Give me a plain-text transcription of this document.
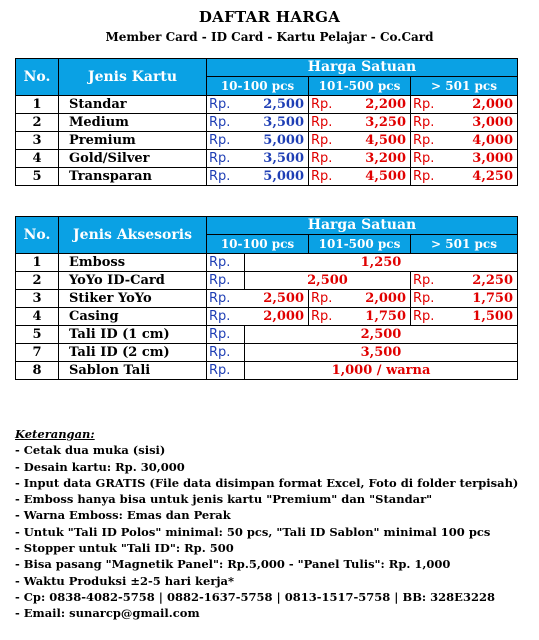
DAFTAR HARGA
Member Card - ID Card - Kartu Pelajar - Co.Card
No.	Jenis Kartu	Harga Satuan					
		10-100 pcs		101-500 pcs		> 501 pcs	
1	Standar	Rp.	2,500	Rp.	2,200	Rp.	2,000
2	Medium	Rp.	3,500	Rp.	3,250	Rp.	3,000
3	Premium	Rp.	5,000	Rp.	4,500	Rp.	4,000
4	Gold/Silver	Rp.	3,500	Rp.	3,200	Rp.	3,000
5	Transparan	Rp.	5,000	Rp.	4,500	Rp.	4,250
No.	Jenis Aksesoris	Harga Satuan					
		10-100 pcs		101-500 pcs		> 501 pcs	
1	Emboss	Rp.	1,250				
2	YoYo ID-Card	Rp.	2,500			Rp.	2,250
3	Stiker YoYo	Rp.	2,500	Rp.	2,000	Rp.	1,750
4	Casing	Rp.	2,000	Rp.	1,750	Rp.	1,500
5	Tali ID (1 cm)	Rp.	2,500				
7	Tali ID (2 cm)	Rp.	3,500				
8	Sablon Tali	Rp.	1,000 / warna				
Keterangan:
- Cetak dua muka (sisi)
- Desain kartu: Rp. 30,000
- Input data GRATIS (File data disimpan format Excel, Foto di folder terpisah)
- Emboss hanya bisa untuk jenis kartu "Premium" dan "Standar"
- Warna Emboss: Emas dan Perak
- Untuk "Tali ID Polos" minimal: 50 pcs, "Tali ID Sablon" minimal 100 pcs
- Stopper untuk "Tali ID": Rp. 500
- Bisa pasang "Magnetik Panel": Rp.5,000 - "Panel Tulis": Rp. 1,000
- Waktu Produksi ±2-5 hari kerja*
- Cp: 0838-4082-5758 | 0882-1637-5758 | 0813-1517-5758 | BB: 328E3228
- Email: sunarcp@gmail.com
